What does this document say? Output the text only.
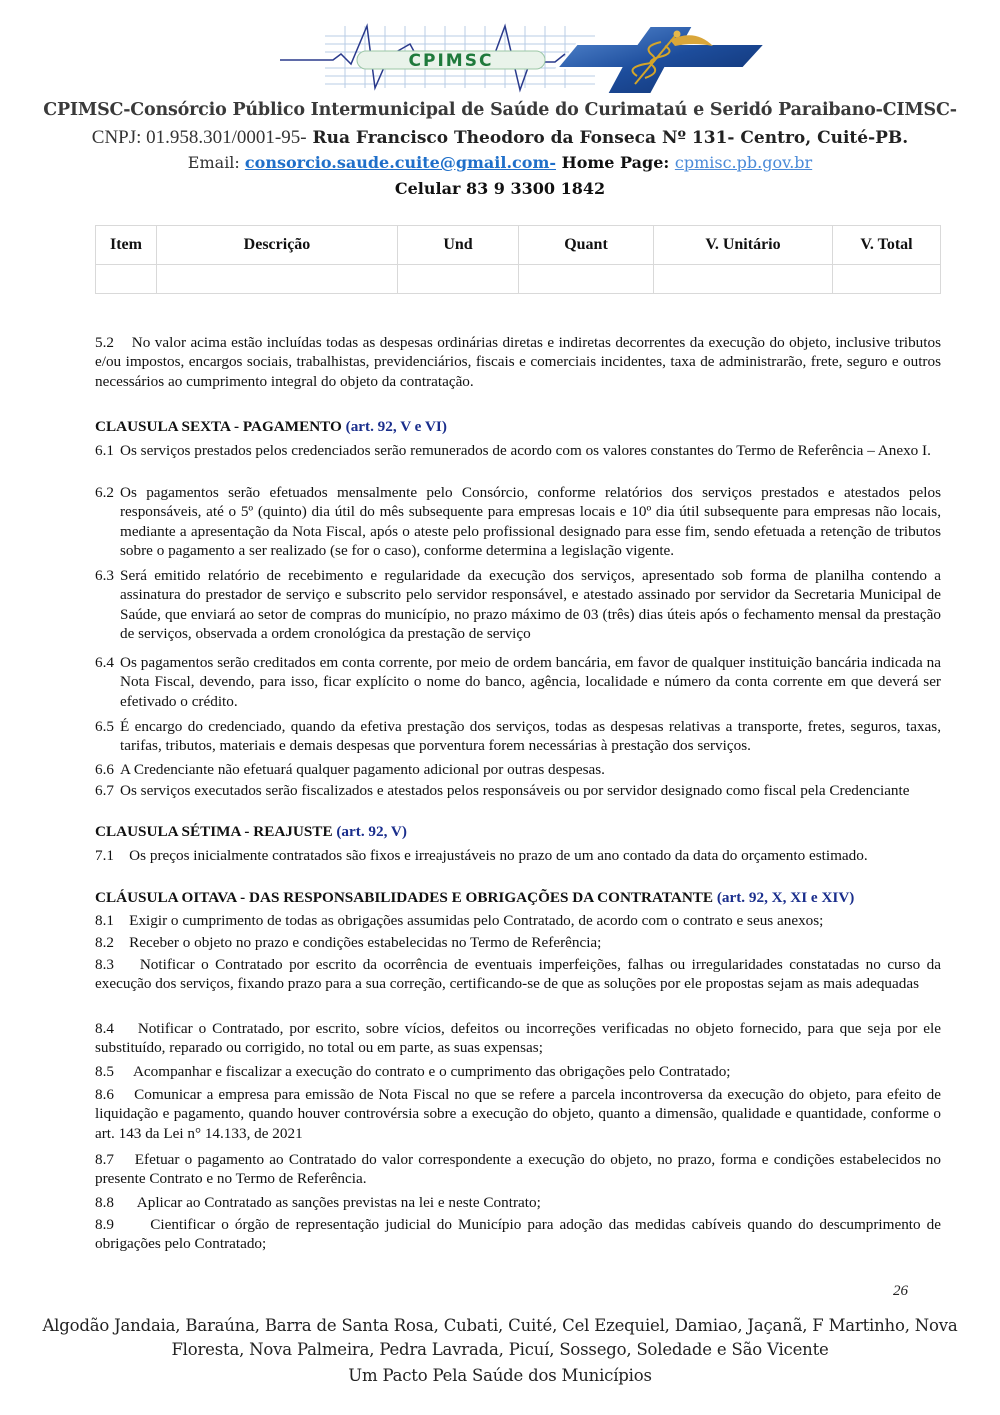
CPIMSC
CPIMSC-Consórcio Público Intermunicipal de Saúde do Curimataú e Seridó Paraibano-CIMSC-
CNPJ: 01.958.301/0001-95- Rua Francisco Theodoro da Fonseca Nº 131- Centro, Cuité-PB.
Email: consorcio.saude.cuite@gmail.com- Home Page: cpmisc.pb.gov.br
Celular 83 9 3300 1842
Item	Descrição	Und	Quant	V. Unitário	V. Total

5.2 No valor acima estão incluídas todas as despesas ordinárias diretas e indiretas decorrentes da execução do objeto, inclusive tributos e/ou impostos, encargos sociais, trabalhistas, previdenciários, fiscais e comerciais incidentes, taxa de administrarão, frete, seguro e outros necessários ao cumprimento integral do objeto da contratação.
CLAUSULA SEXTA - PAGAMENTO (art. 92, V e VI)
6.1 Os serviços prestados pelos credenciados serão remunerados de acordo com os valores constantes do Termo de Referência – Anexo I.
6.2 Os pagamentos serão efetuados mensalmente pelo Consórcio, conforme relatórios dos serviços prestados e atestados pelos responsáveis, até o 5º (quinto) dia útil do mês subsequente para empresas locais e 10º dia útil subsequente para empresas não locais, mediante a apresentação da Nota Fiscal, após o ateste pelo profissional designado para esse fim, sendo efetuada a retenção de tributos sobre o pagamento a ser realizado (se for o caso), conforme determina a legislação vigente.
6.3 Será emitido relatório de recebimento e regularidade da execução dos serviços, apresentado sob forma de planilha contendo a assinatura do prestador de serviço e subscrito pelo servidor responsável, e atestado assinado por servidor da Secretaria Municipal de Saúde, que enviará ao setor de compras do município, no prazo máximo de 03 (três) dias úteis após o fechamento mensal da prestação de serviços, observada a ordem cronológica da prestação de serviço
6.4 Os pagamentos serão creditados em conta corrente, por meio de ordem bancária, em favor de qualquer instituição bancária indicada na Nota Fiscal, devendo, para isso, ficar explícito o nome do banco, agência, localidade e número da conta corrente em que deverá ser efetivado o crédito.
6.5 É encargo do credenciado, quando da efetiva prestação dos serviços, todas as despesas relativas a transporte, fretes, seguros, taxas, tarifas, tributos, materiais e demais despesas que porventura forem necessárias à prestação dos serviços.
6.6 A Credenciante não efetuará qualquer pagamento adicional por outras despesas.
6.7 Os serviços executados serão fiscalizados e atestados pelos responsáveis ou por servidor designado como fiscal pela Credenciante
CLAUSULA SÉTIMA - REAJUSTE (art. 92, V)
7.1 Os preços inicialmente contratados são fixos e irreajustáveis no prazo de um ano contado da data do orçamento estimado.
CLÁUSULA OITAVA - DAS RESPONSABILIDADES E OBRIGAÇÕES DA CONTRATANTE (art. 92, X, XI e XIV)
8.1 Exigir o cumprimento de todas as obrigações assumidas pelo Contratado, de acordo com o contrato e seus anexos;
8.2 Receber o objeto no prazo e condições estabelecidas no Termo de Referência;
8.3 Notificar o Contratado por escrito da ocorrência de eventuais imperfeições, falhas ou irregularidades constatadas no curso da execução dos serviços, fixando prazo para a sua correção, certificando-se de que as soluções por ele propostas sejam as mais adequadas
8.4 Notificar o Contratado, por escrito, sobre vícios, defeitos ou incorreções verificadas no objeto fornecido, para que seja por ele substituído, reparado ou corrigido, no total ou em parte, as suas expensas;
8.5 Acompanhar e fiscalizar a execução do contrato e o cumprimento das obrigações pelo Contratado;
8.6 Comunicar a empresa para emissão de Nota Fiscal no que se refere a parcela incontroversa da execução do objeto, para efeito de liquidação e pagamento, quando houver controvérsia sobre a execução do objeto, quanto a dimensão, qualidade e quantidade, conforme o art. 143 da Lei n° 14.133, de 2021
8.7 Efetuar o pagamento ao Contratado do valor correspondente a execução do objeto, no prazo, forma e condições estabelecidos no presente Contrato e no Termo de Referência.
8.8 Aplicar ao Contratado as sanções previstas na lei e neste Contrato;
8.9 Cientificar o órgão de representação judicial do Município para adoção das medidas cabíveis quando do descumprimento de obrigações pelo Contratado;
26
Algodão Jandaia, Baraúna, Barra de Santa Rosa, Cubati, Cuité, Cel Ezequiel, Damiao, Jaçanã, F Martinho, Nova
Floresta, Nova Palmeira, Pedra Lavrada, Picuí, Sossego, Soledade e São Vicente
Um Pacto Pela Saúde dos Municípios
